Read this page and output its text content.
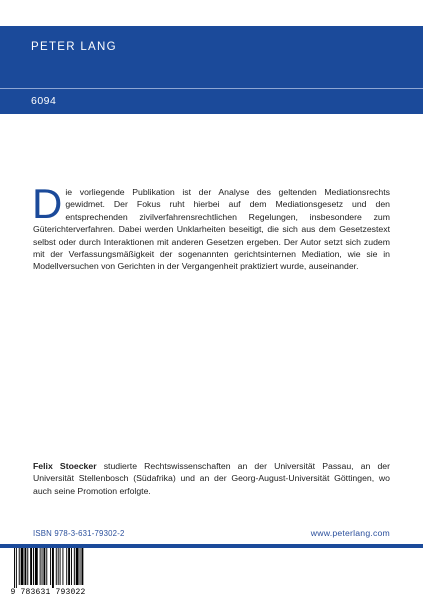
PETER LANG
6094
D ie vorliegende Publikation ist der Analyse des geltenden Mediationsrechts gewidmet. Der Fokus ruht hierbei auf dem Mediationsgesetz und den entsprechenden zivilverfahrensrechtlichen Regelungen, insbesondere zum Güterichterverfahren. Dabei werden Unklarheiten beseitigt, die sich aus dem Gesetzestext selbst oder durch Interaktionen mit anderen Gesetzen ergeben. Der Autor setzt sich zudem mit der Verfassungsmäßigkeit der sogenannten gerichtsinternen Mediation, wie sie in Modellversuchen von Gerichten in der Vergangenheit praktiziert wurde, auseinander.

Felix Stoecker studierte Rechtswissenschaften an der Universität Passau, an der Universität Stellenbosch (Südafrika) und an der Georg-August-Universität Göttingen, wo auch seine Promotion erfolgte.
ISBN 978-3-631-79302-2	www.peterlang.com
9 783631 793022
